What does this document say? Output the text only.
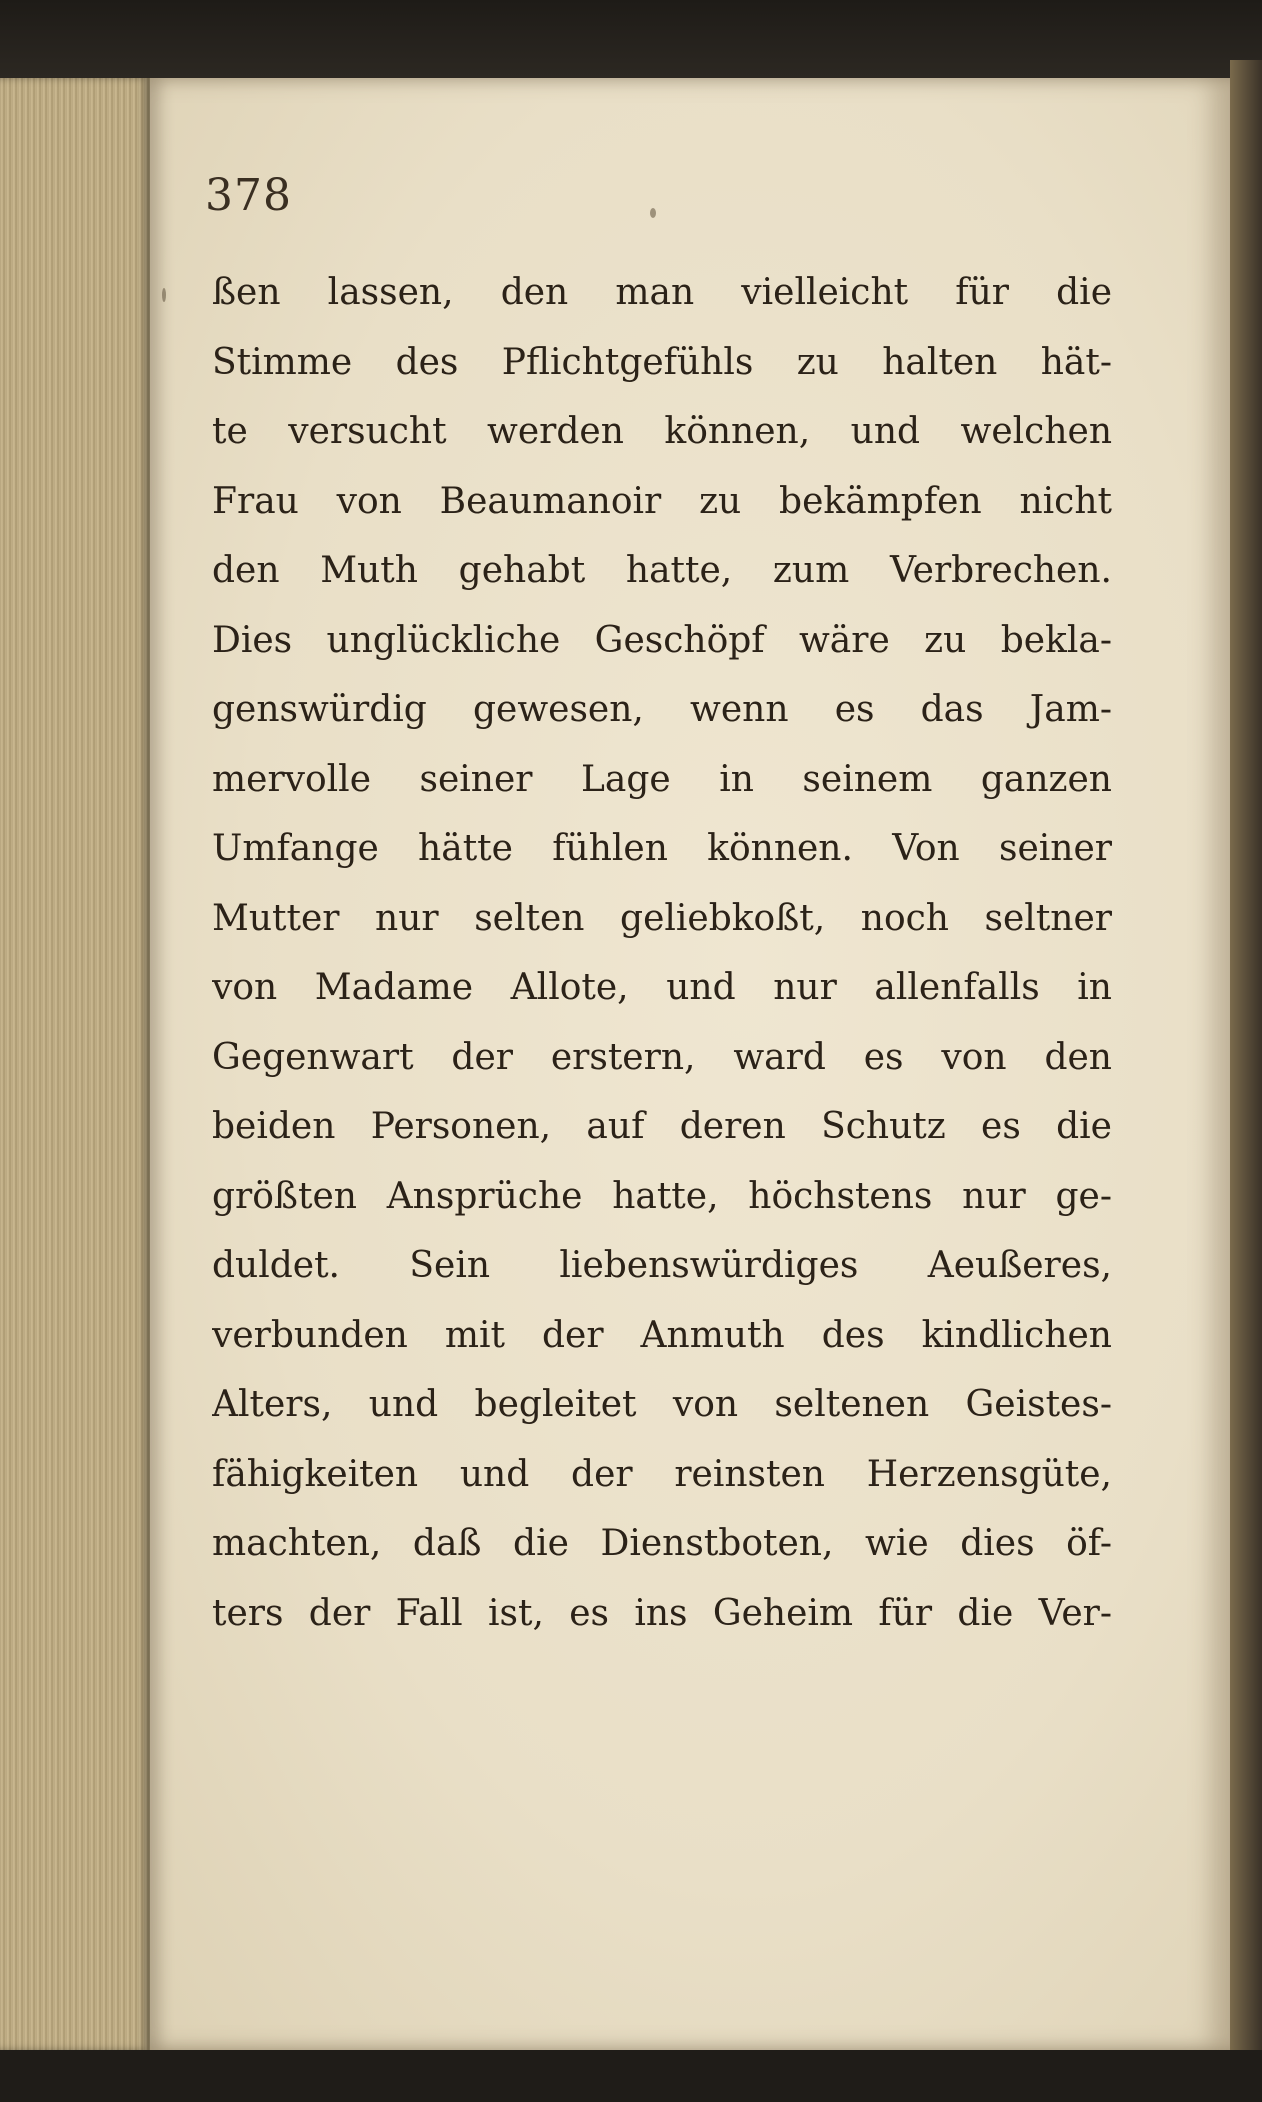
378
ßen lassen, den man vielleicht für die
Stimme des Pflichtgefühls zu halten hät-
te versucht werden können, und welchen
Frau von Beaumanoir zu bekämpfen nicht
den Muth gehabt hatte, zum Verbrechen.
Dies unglückliche Geschöpf wäre zu bekla-
genswürdig gewesen, wenn es das Jam-
mervolle seiner Lage in seinem ganzen
Umfange hätte fühlen können. Von seiner
Mutter nur selten geliebkoßt, noch seltner
von Madame Allote, und nur allenfalls in
Gegenwart der erstern, ward es von den
beiden Personen, auf deren Schutz es die
größten Ansprüche hatte, höchstens nur ge-
duldet. Sein liebenswürdiges Aeußeres,
verbunden mit der Anmuth des kindlichen
Alters, und begleitet von seltenen Geistes-
fähigkeiten und der reinsten Herzensgüte,
machten, daß die Dienstboten, wie dies öf-
ters der Fall ist, es ins Geheim für die Ver-
